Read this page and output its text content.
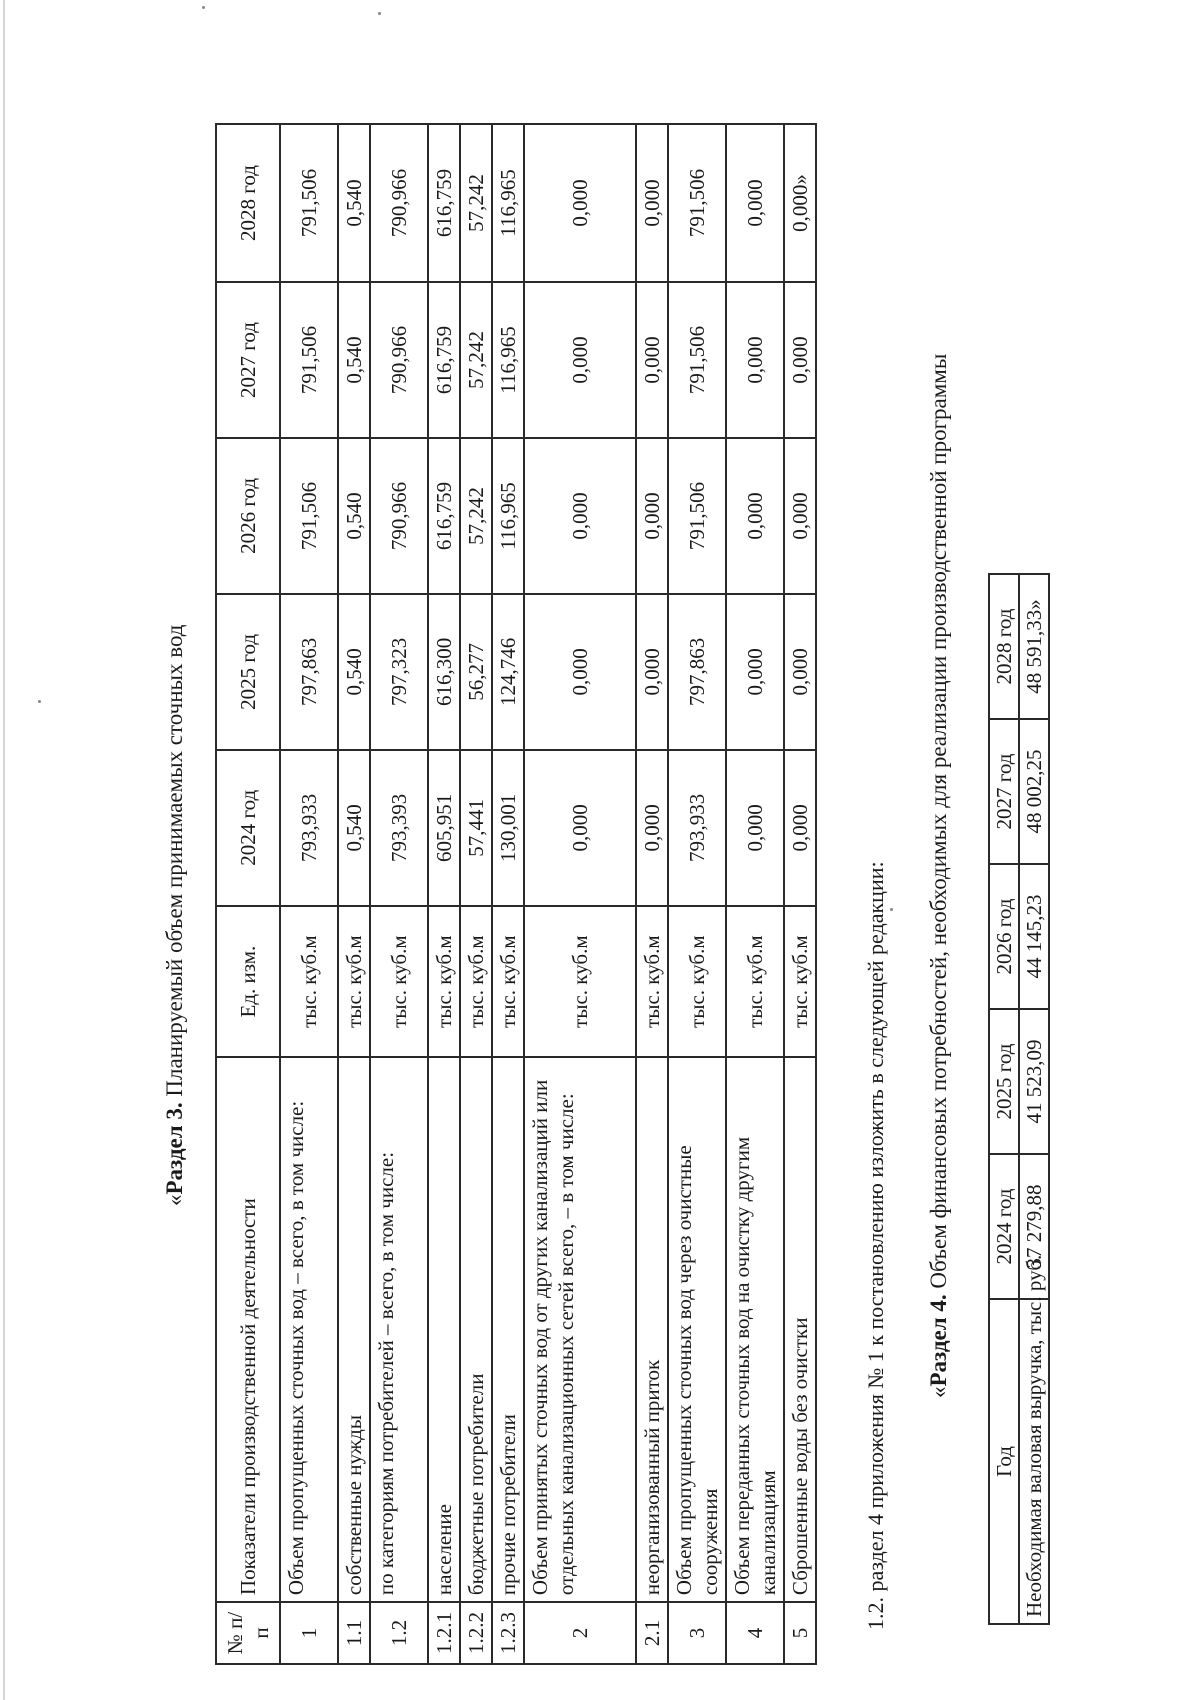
«Раздел 3. Планируемый объем принимаемых сточных вод
№ п/п	Показатели производственной деятельности	Ед. изм.	2024 год	2025 год	2026 год	2027 год	2028 год
1	Объем пропущенных сточных вод – всего, в том числе:	тыс. куб.м	793,933	797,863	791,506	791,506	791,506
1.1	собственные нужды	тыс. куб.м	0,540	0,540	0,540	0,540	0,540
1.2	по категориям потребителей – всего, в том числе:	тыс. куб.м	793,393	797,323	790,966	790,966	790,966
1.2.1	население	тыс. куб.м	605,951	616,300	616,759	616,759	616,759
1.2.2	бюджетные потребители	тыс. куб.м	57,441	56,277	57,242	57,242	57,242
1.2.3	прочие потребители	тыс. куб.м	130,001	124,746	116,965	116,965	116,965
2	Объем принятых сточных вод от других канализаций или отдельных канализационных сетей всего, – в том числе:	тыс. куб.м	0,000	0,000	0,000	0,000	0,000
2.1	неорганизованный приток	тыс. куб.м	0,000	0,000	0,000	0,000	0,000
3	Объем пропущенных сточных вод через очистные сооружения	тыс. куб.м	793,933	797,863	791,506	791,506	791,506
4	Объем переданных сточных вод на очистку другим канализациям	тыс. куб.м	0,000	0,000	0,000	0,000	0,000
5	Сброшенные воды без очистки	тыс. куб.м	0,000	0,000	0,000	0,000	0,000»
1.2. раздел 4 приложения № 1 к постановлению изложить в следующей редакции: «Раздел 4. Объем финансовых потребностей, необходимых для реализации производственной программы
Год	2024 год	2025 год	2026 год	2027 год	2028 год
Необходимая валовая выручка, тыс. руб.	37 279,88	41 523,09	44 145,23	48 002,25	48 591,33»
